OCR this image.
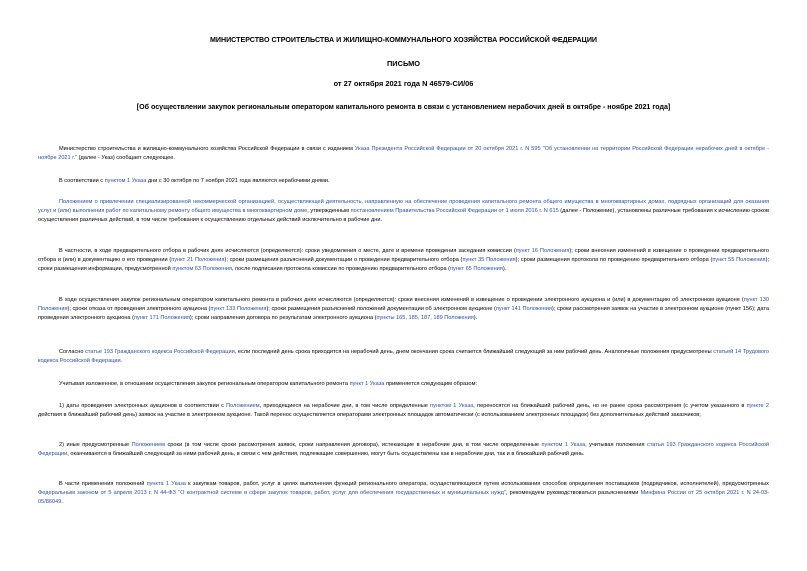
МИНИСТЕРСТВО СТРОИТЕЛЬСТВА И ЖИЛИЩНО-КОММУНАЛЬНОГО ХОЗЯЙСТВА РОССИЙСКОЙ ФЕДЕРАЦИИ
ПИСЬМО
от 27 октября 2021 года N 46579-СИ/06
[Об осуществлении закупок региональным оператором капитального ремонта в связи с установлением нерабочих дней в октябре - ноябре 2021 года]
Министерство строительства и жилищно-коммунального хозяйства Российской Федерации в связи с изданием Указа Президента Российской Федерации от 20 октября 2021 г. N 595 "Об установлении на территории Российской Федерации нерабочих дней в октябре - ноябре 2021 г." (далее - Указ) сообщает следующее.
В соответствии с пунктом 1 Указа дни с 30 октября по 7 ноября 2021 года являются нерабочими днями.
Положением о привлечении специализированной некоммерческой организацией, осуществляющей деятельность, направленную на обеспечение проведения капитального ремонта общего имущества в многоквартирных домах, подрядных организаций для оказания услуг и (или) выполнения работ по капитальному ремонту общего имущества в многоквартирном доме, утвержденным постановлением Правительства Российской Федерации от 1 июля 2016 г. N 615 (далее - Положение), установлены различные требования к исчислению сроков осуществления различных действий, в том числе требования к осуществлению отдельных действий исключительно в рабочие дни.
В частности, в ходе предварительного отбора в рабочих днях исчисляются (определяются): сроки уведомления о месте, дате и времени проведения заседания комиссии (пункт 16 Положения); сроки внесения изменений в извещение о проведении предварительного отбора и (или) в документацию о его проведении (пункт 21 Положения); сроки размещения разъяснений документации о проведении предварительного отбора (пункт 35 Положения); сроки размещения протокола по проведению предварительного отбора (пункт 55 Положения); сроки размещения информации, предусмотренной пунктом 63 Положения, после подписания протокола комиссии по проведению предварительного отбора (пункт 65 Положения).
В ходе осуществления закупок региональным оператором капитального ремонта в рабочих днях исчисляются (определяются): сроки внесения изменений в извещение о проведении электронного аукциона и (или) в документацию об электронном аукционе (пункт 130 Положения); сроки отказа от проведения электронного аукциона (пункт 133 Положения); сроки размещения разъяснений положений документации об электронном аукционе (пункт 141 Положения); сроки рассмотрения заявок на участие в электронном аукционе (пункт 156); дата проведения электронного аукциона (пункт 171 Положения); сроки направления договора по результатам электронного аукциона (пункты 165, 185, 187, 189 Положения).
Согласно статье 193 Гражданского кодекса Российской Федерации, если последний день срока приходится на нерабочий день, днем окончания срока считается ближайший следующий за ним рабочий день. Аналогичные положения предусмотрены статьей 14 Трудового кодекса Российской Федерации.
Учитывая изложенное, в отношении осуществления закупок региональным оператором капитального ремонта пункт 1 Указа применяется следующим образом:
1) даты проведения электронных аукционов в соответствии с Положением, приходящиеся на нерабочие дни, в том числе определенные пунктом 1 Указа, переносятся на ближайший рабочий день, но не ранее срока рассмотрения (с учетом указанного в пункте 2 действия в ближайший рабочий день) заявок на участие в электронном аукционе. Такой перенос осуществляется операторами электронных площадок автоматически (с использованием электронных площадок) без дополнительных действий заказчиков;
2) иные предусмотренные Положением сроки (в том числе сроки рассмотрения заявок, сроки направления договора), истекающие в нерабочие дни, в том числе определенные пунктом 1 Указа, учитывая положения статьи 193 Гражданского кодекса Российской Федерации, оканчиваются в ближайший следующий за ними рабочий день, в связи с чем действия, подлежащие совершению, могут быть осуществлены как в нерабочие дни, так и в ближайший рабочий день.
В части применения положений пункта 1 Указа к закупкам товаров, работ, услуг в целях выполнения функций регионального оператора, осуществляющихся путем использования способов определения поставщиков (подрядчиков, исполнителей), предусмотренных Федеральным законом от 5 апреля 2013 г. N 44-ФЗ "О контрактной системе в сфере закупок товаров, работ, услуг для обеспечения государственных и муниципальных нужд", рекомендуем руководствоваться разъяснениями Минфина России от 25 октября 2021 г. N 24-03-05/86049.
